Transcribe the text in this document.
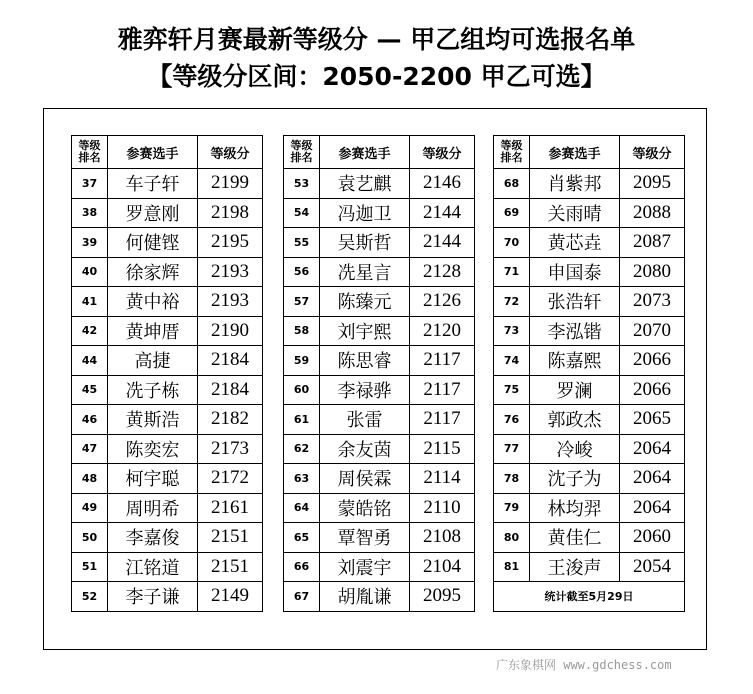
雅弈轩月赛最新等级分 — 甲乙组均可选报名单
【等级分区间：2050-2200 甲乙可选】
等级
排名	参赛选手	等级分
37	车子轩	2199
38	罗意刚	2198
39	何健铿	2195
40	徐家辉	2193
41	黄中裕	2193
42	黄坤厝	2190
44	高捷	2184
45	冼子栋	2184
46	黄斯浩	2182
47	陈奕宏	2173
48	柯宇聪	2172
49	周明希	2161
50	李嘉俊	2151
51	江铭道	2151
52	李子谦	2149
等级
排名	参赛选手	等级分
53	袁艺麒	2146
54	冯迦卫	2144
55	吴斯哲	2144
56	冼星言	2128
57	陈臻元	2126
58	刘宇熙	2120
59	陈思睿	2117
60	李禄骅	2117
61	张雷	2117
62	余友茵	2115
63	周侯霖	2114
64	蒙皓铭	2110
65	覃智勇	2108
66	刘震宇	2104
67	胡胤谦	2095
等级
排名	参赛选手	等级分
68	肖紫邦	2095
69	关雨晴	2088
70	黄芯垚	2087
71	申国泰	2080
72	张浩轩	2073
73	李泓锴	2070
74	陈嘉熙	2066
75	罗澜	2066
76	郭政杰	2065
77	冷峻	2064
78	沈子为	2064
79	林均羿	2064
80	黄佳仁	2060
81	王浚声	2054
统计截至5月29日		
广东象棋网 www.gdchess.com
